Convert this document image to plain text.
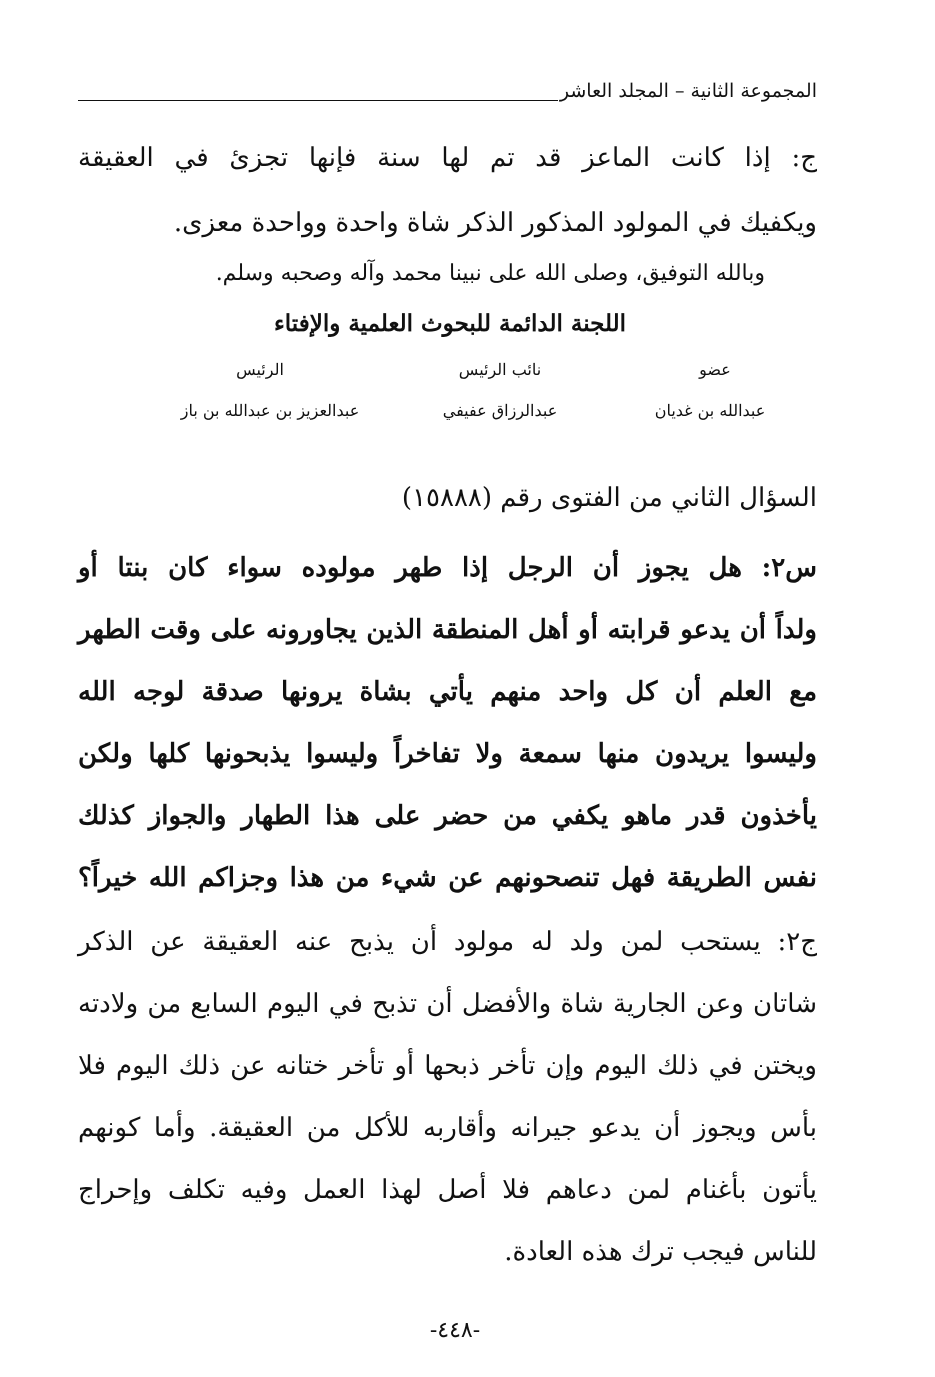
المجموعة الثانية – المجلد العاشر
ج: إذا كانت الماعز قد تم لها سنة فإنها تجزئ في العقيقة
ويكفيك في المولود المذكور الذكر شاة واحدة وواحدة معزى.
وبالله التوفيق، وصلى الله على نبينا محمد وآله وصحبه وسلم.
اللجنة الدائمة للبحوث العلمية والإفتاء
عضو
نائب الرئيس
الرئيس
عبدالله بن غديان
عبدالرزاق عفيفي
عبدالعزيز بن عبدالله بن باز
السؤال الثاني من الفتوى رقم (١٥٨٨٨)
س٢: هل يجوز أن الرجل إذا طهر مولوده سواء كان بنتا أو
ولداً أن يدعو قرابته أو أهل المنطقة الذين يجاورونه على وقت الطهر
مع العلم أن كل واحد منهم يأتي بشاة يرونها صدقة لوجه الله
وليسوا يريدون منها سمعة ولا تفاخراً وليسوا يذبحونها كلها ولكن
يأخذون قدر ماهو يكفي من حضر على هذا الطهار والجواز كذلك
نفس الطريقة فهل تنصحونهم عن شيء من هذا وجزاكم الله خيراً؟
ج٢: يستحب لمن ولد له مولود أن يذبح عنه العقيقة عن الذكر
شاتان وعن الجارية شاة والأفضل أن تذبح في اليوم السابع من ولادته
ويختن في ذلك اليوم وإن تأخر ذبحها أو تأخر ختانه عن ذلك اليوم فلا
بأس ويجوز أن يدعو جيرانه وأقاربه للأكل من العقيقة. وأما كونهم
يأتون بأغنام لمن دعاهم فلا أصل لهذا العمل وفيه تكلف وإحراج
للناس فيجب ترك هذه العادة.
-٤٤٨-
